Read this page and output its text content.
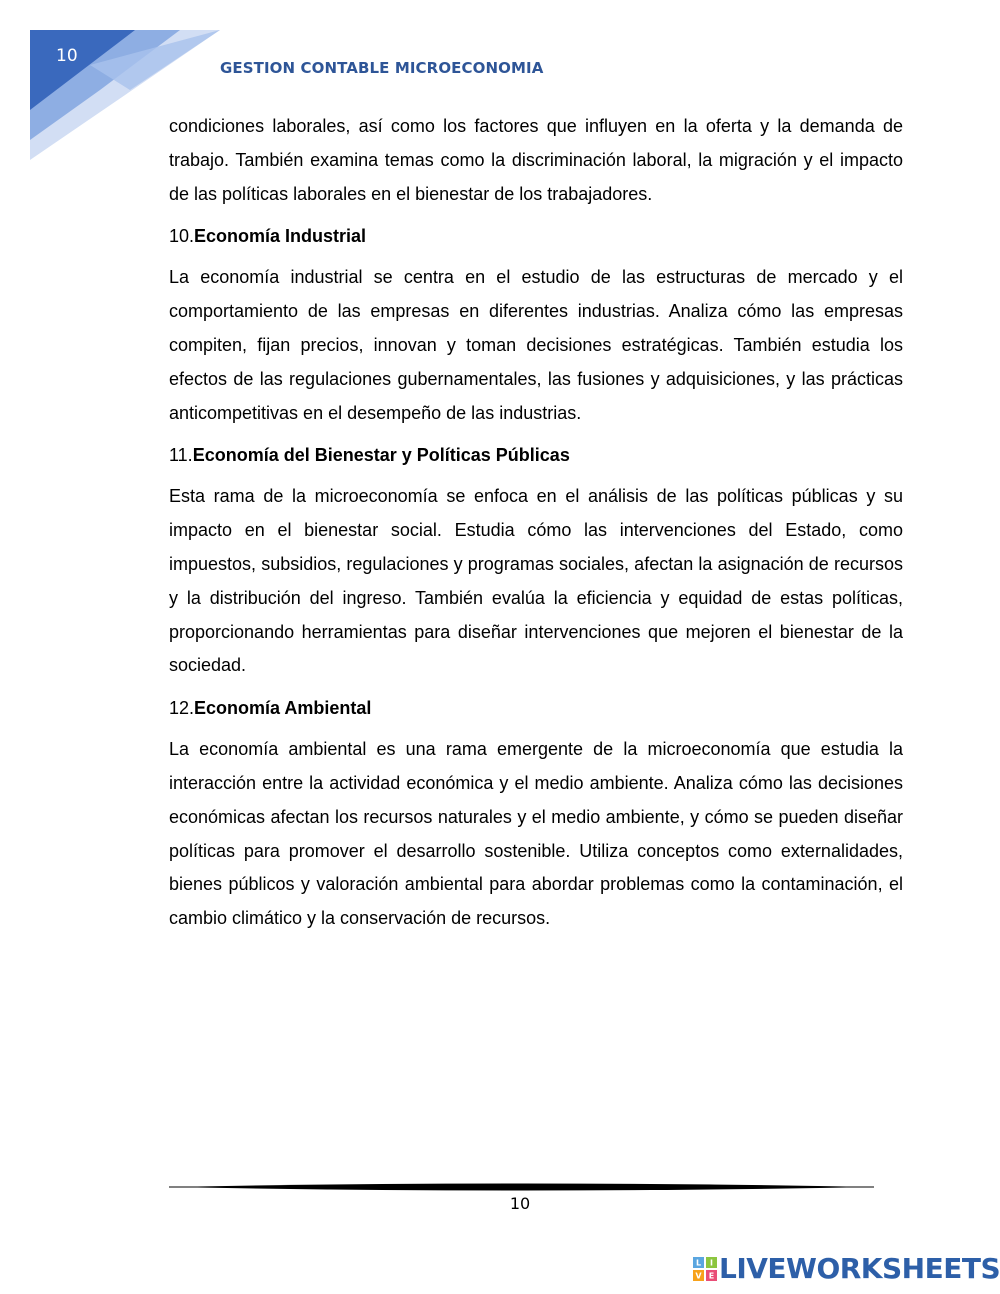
10
GESTION CONTABLE MICROECONOMIA

condiciones laborales, así como los factores que influyen en la oferta y la demanda de trabajo. También examina temas como la discriminación laboral, la migración y el impacto de las políticas laborales en el bienestar de los trabajadores.

10.Economía Industrial

La economía industrial se centra en el estudio de las estructuras de mercado y el comportamiento de las empresas en diferentes industrias. Analiza cómo las empresas compiten, fijan precios, innovan y toman decisiones estratégicas. También estudia los efectos de las regulaciones gubernamentales, las fusiones y adquisiciones, y las prácticas anticompetitivas en el desempeño de las industrias.

11.Economía del Bienestar y Políticas Públicas

Esta rama de la microeconomía se enfoca en el análisis de las políticas públicas y su impacto en el bienestar social. Estudia cómo las intervenciones del Estado, como impuestos, subsidios, regulaciones y programas sociales, afectan la asignación de recursos y la distribución del ingreso. También evalúa la eficiencia y equidad de estas políticas, proporcionando herramientas para diseñar intervenciones que mejoren el bienestar de la sociedad.

12.Economía Ambiental

La economía ambiental es una rama emergente de la microeconomía que estudia la interacción entre la actividad económica y el medio ambiente. Analiza cómo las decisiones económicas afectan los recursos naturales y el medio ambiente, y cómo se pueden diseñar políticas para promover el desarrollo sostenible. Utiliza conceptos como externalidades, bienes públicos y valoración ambiental para abordar problemas como la contaminación, el cambio climático y la conservación de recursos.

10
L I
V E LIVEWORKSHEETS
